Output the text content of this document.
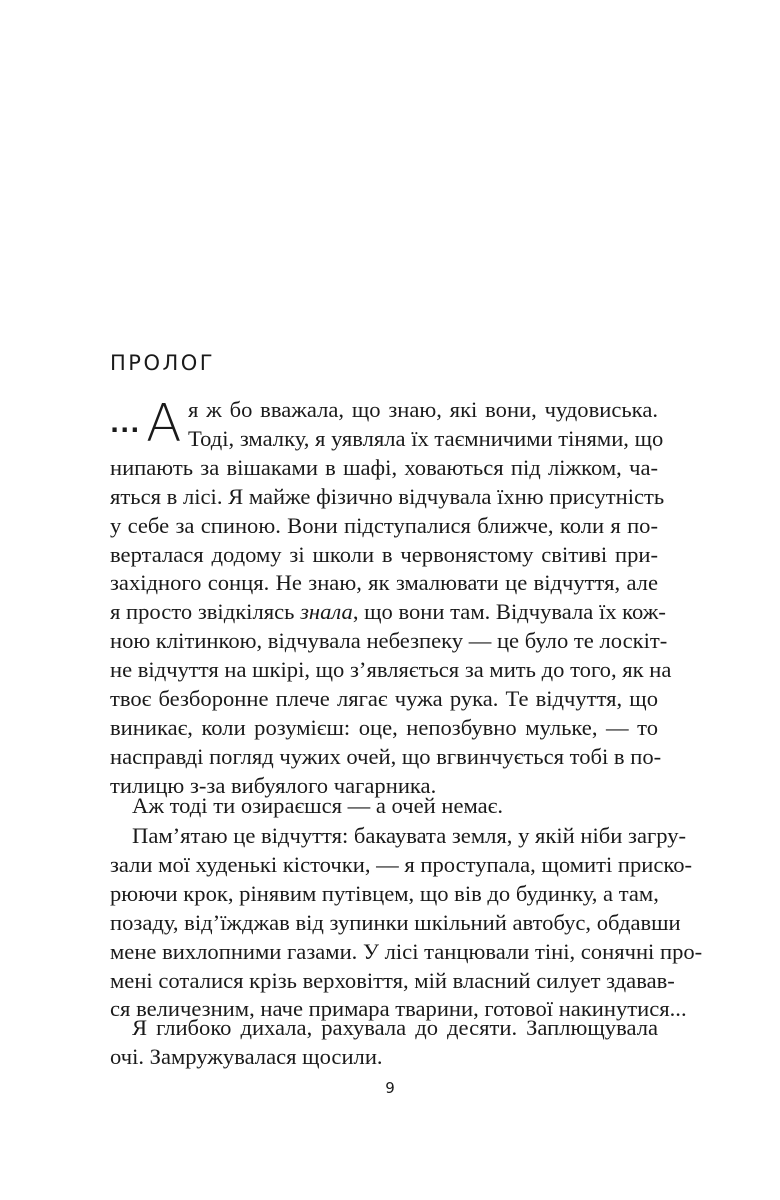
ПРОЛОГ
... А я ж бо вважала, що знаю, які вони, чудовиська.
Тоді, змалку, я уявляла їх таємничими тінями, що
нипають за вішаками в шафі, ховаються під ліжком, ча-
яться в лісі. Я майже фізично відчувала їхню присутність
у себе за спиною. Вони підступалися ближче, коли я по-
верталася додому зі школи в червонястому світиві при-
західного сонця. Не знаю, як змалювати це відчуття, але
я просто звідкілясь знала, що вони там. Відчувала їх кож-
ною клітинкою, відчувала небезпеку — це було те лоскіт-
не відчуття на шкірі, що з’являється за мить до того, як на
твоє безборонне плече лягає чужа рука. Те відчуття, що
виникає, коли розумієш: оце, непозбувно мульке, — то
насправді погляд чужих очей, що вгвинчується тобі в по-
тилицю з-за вибуялого чагарника.
Аж тоді ти озираєшся — а очей немає.
Пам’ятаю це відчуття: бакаувата земля, у якій ніби загру-
зали мої худенькі кісточки, — я проступала, щомиті приско-
рюючи крок, рінявим путівцем, що вів до будинку, а там,
позаду, від’їжджав від зупинки шкільний автобус, обдавши
мене вихлопними газами. У лісі танцювали тіні, сонячні про-
мені соталися крізь верховіття, мій власний силует здавав-
ся величезним, наче примара тварини, готової накинутися...
Я глибоко дихала, рахувала до десяти. Заплющувала
очі. Замружувалася щосили.
9
